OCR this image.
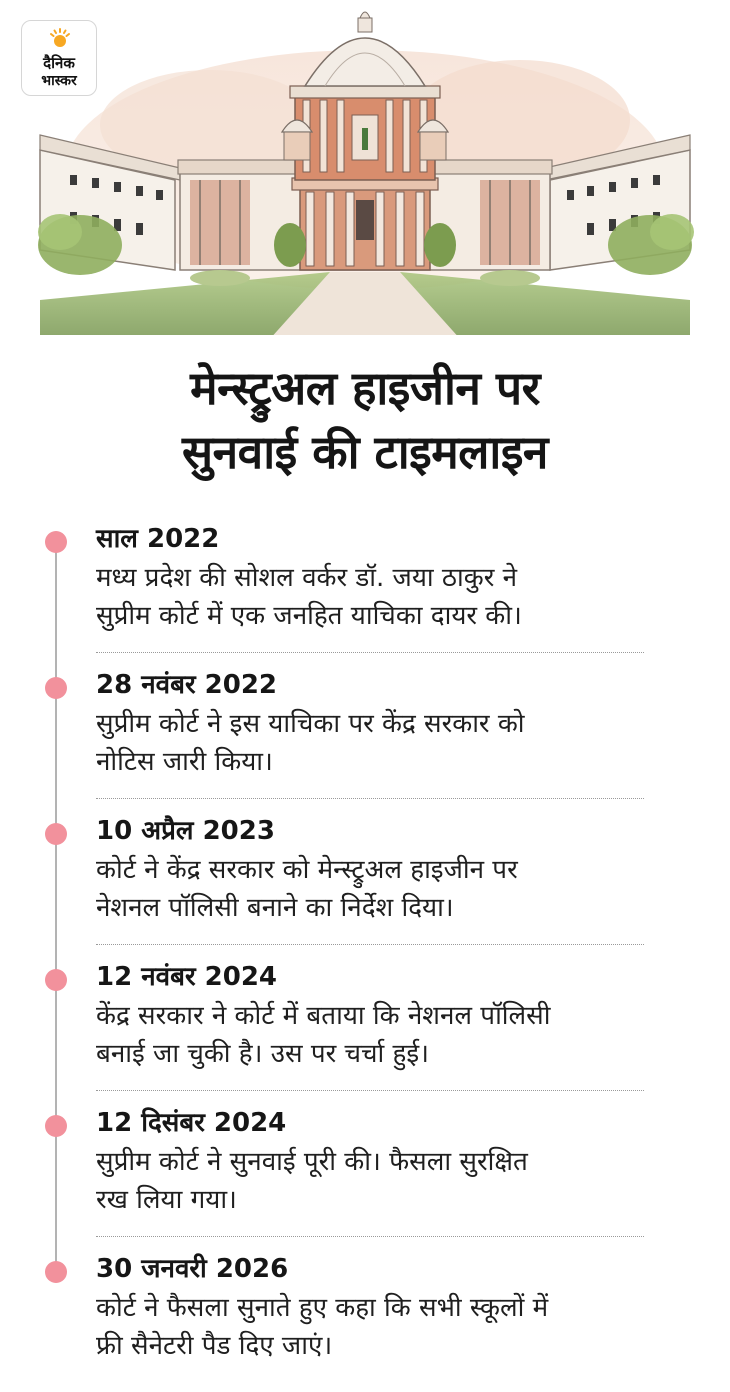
दैनिक
भास्कर
मेन्स्ट्रुअल हाइजीन पर
सुनवाई की टाइमलाइन
साल 2022
मध्य प्रदेश की सोशल वर्कर डॉ. जया ठाकुर ने
सुप्रीम कोर्ट में एक जनहित याचिका दायर की।
28 नवंबर 2022
सुप्रीम कोर्ट ने इस याचिका पर केंद्र सरकार को
नोटिस जारी किया।
10 अप्रैल 2023
कोर्ट ने केंद्र सरकार को मेन्स्ट्रुअल हाइजीन पर
नेशनल पॉलिसी बनाने का निर्देश दिया।
12 नवंबर 2024
केंद्र सरकार ने कोर्ट में बताया कि नेशनल पॉलिसी
बनाई जा चुकी है। उस पर चर्चा हुई।
12 दिसंबर 2024
सुप्रीम कोर्ट ने सुनवाई पूरी की। फैसला सुरक्षित
रख लिया गया।
30 जनवरी 2026
कोर्ट ने फैसला सुनाते हुए कहा कि सभी स्कूलों में
फ्री सैनेटरी पैड दिए जाएं।
